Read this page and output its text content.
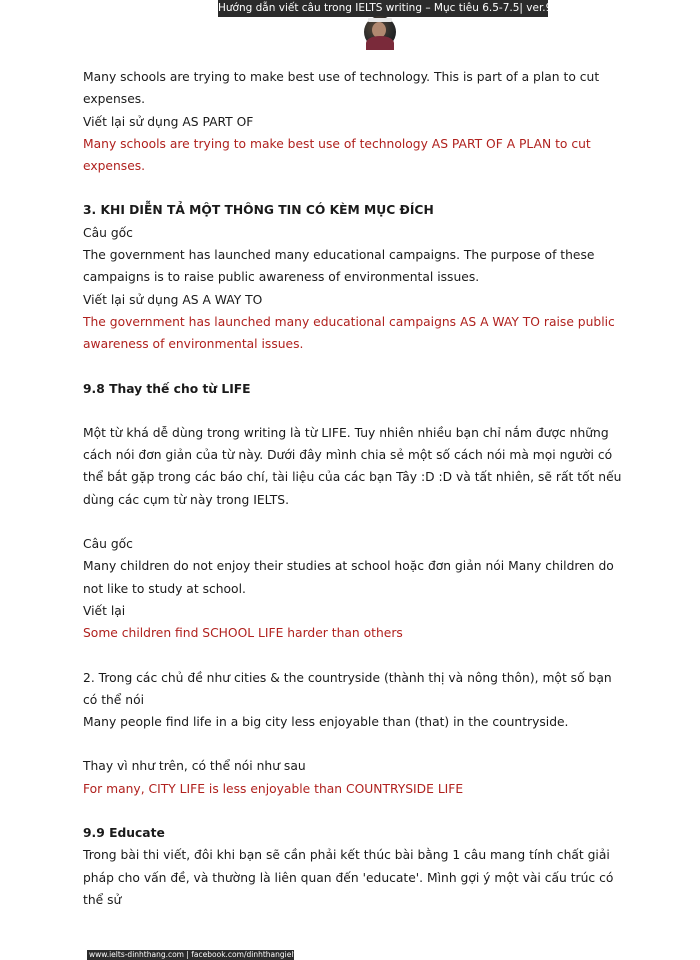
Hướng dẫn viết câu trong IELTS writing – Mục tiêu 6.5-7.5| ver.9.4.2020 |

Many schools are trying to make best use of technology. This is part of a plan to cut expenses.

Viết lại sử dụng AS PART OF

Many schools are trying to make best use of technology AS PART OF A PLAN to cut expenses.

3. KHI DIỄN TẢ MỘT THÔNG TIN CÓ KÈM MỤC ĐÍCH

Câu gốc

The government has launched many educational campaigns. The purpose of these campaigns is to raise public awareness of environmental issues.

Viết lại sử dụng AS A WAY TO

The government has launched many educational campaigns AS A WAY TO raise public awareness of environmental issues.

9.8 Thay thế cho từ LIFE

Một từ khá dễ dùng trong writing là từ LIFE. Tuy nhiên nhiều bạn chỉ nắm được những cách nói đơn giản của từ này. Dưới đây mình chia sẻ một số cách nói mà mọi người có thể bắt gặp trong các báo chí, tài liệu của các bạn Tây :D :D và tất nhiên, sẽ rất tốt nếu dùng các cụm từ này trong IELTS.

Câu gốc

Many children do not enjoy their studies at school hoặc đơn giản nói Many children do not like to study at school.

Viết lại

Some children find SCHOOL LIFE harder than others

2. Trong các chủ đề như cities & the countryside (thành thị và nông thôn), một số bạn có thể nói

Many people find life in a big city less enjoyable than (that) in the countryside.

Thay vì như trên, có thể nói như sau

For many, CITY LIFE is less enjoyable than COUNTRYSIDE LIFE

9.9 Educate

Trong bài thi viết, đôi khi bạn sẽ cần phải kết thúc bài bằng 1 câu mang tính chất giải pháp cho vấn đề, và thường là liên quan đến 'educate'. Mình gợi ý một vài cấu trúc có thể sử

www.ielts-dinhthang.com | facebook.com/dinhthangielts
